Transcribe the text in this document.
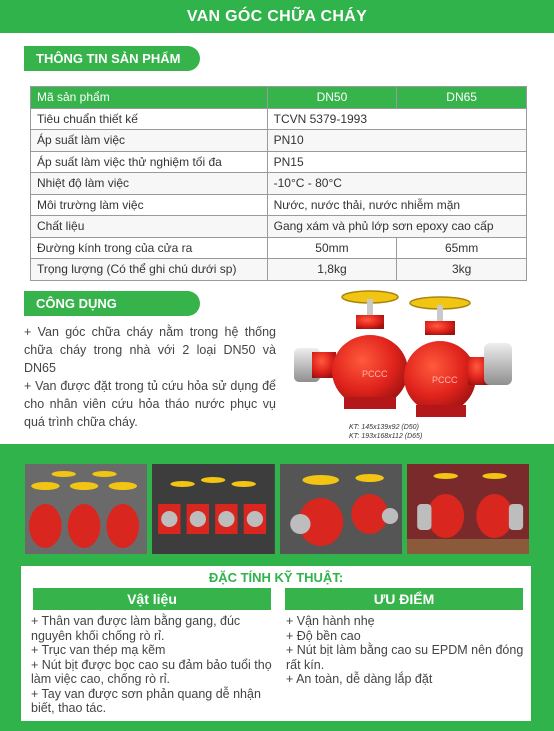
VAN GÓC CHỮA CHÁY
THÔNG TIN SẢN PHẨM
Mã sản phẩm	DN50	DN65
Tiêu chuẩn thiết kế	TCVN 5379-1993	
Áp suất làm việc	PN10	
Áp suất làm việc thử nghiệm tối đa	PN15	
Nhiệt độ làm việc	-10°C - 80°C	
Môi trường làm việc	Nước, nước thải, nước nhiễm mặn	
Chất liệu	Gang xám và phủ lớp sơn epoxy cao cấp	
Đường kính trong của cửa ra	50mm	65mm
Trọng lượng (Có thể ghi chú dưới sp)	1,8kg	3kg
CÔNG DỤNG

+ Van góc chữa cháy nằm trong hệ thống chữa cháy trong nhà với 2 loại DN50 và DN65

+ Van được đặt trong tủ cứu hỏa sử dụng để cho nhân viên cứu hỏa tháo nước phục vụ quá trình chữa cháy.

PCCC
PCCC
KT: 145x139x92 (D50)
KT: 193x168x112 (D65)
ĐẶC TÍNH KỸ THUẬT:
Vật liệu	ƯU ĐIỂM

+ Thân van được làm bằng gang, đúc nguyên khối chống rò rỉ.

+ Trục van thép mạ kẽm

+ Nút bịt được bọc cao su đảm bảo tuổi thọ làm việc cao, chống rò rỉ.

+ Tay van được sơn phản quang dễ nhận biết, thao tác.

+ Vận hành nhẹ

+ Độ bền cao

+ Nút bịt làm bằng cao su EPDM nên đóng rất kín.

+ An toàn, dễ dàng lắp đặt
